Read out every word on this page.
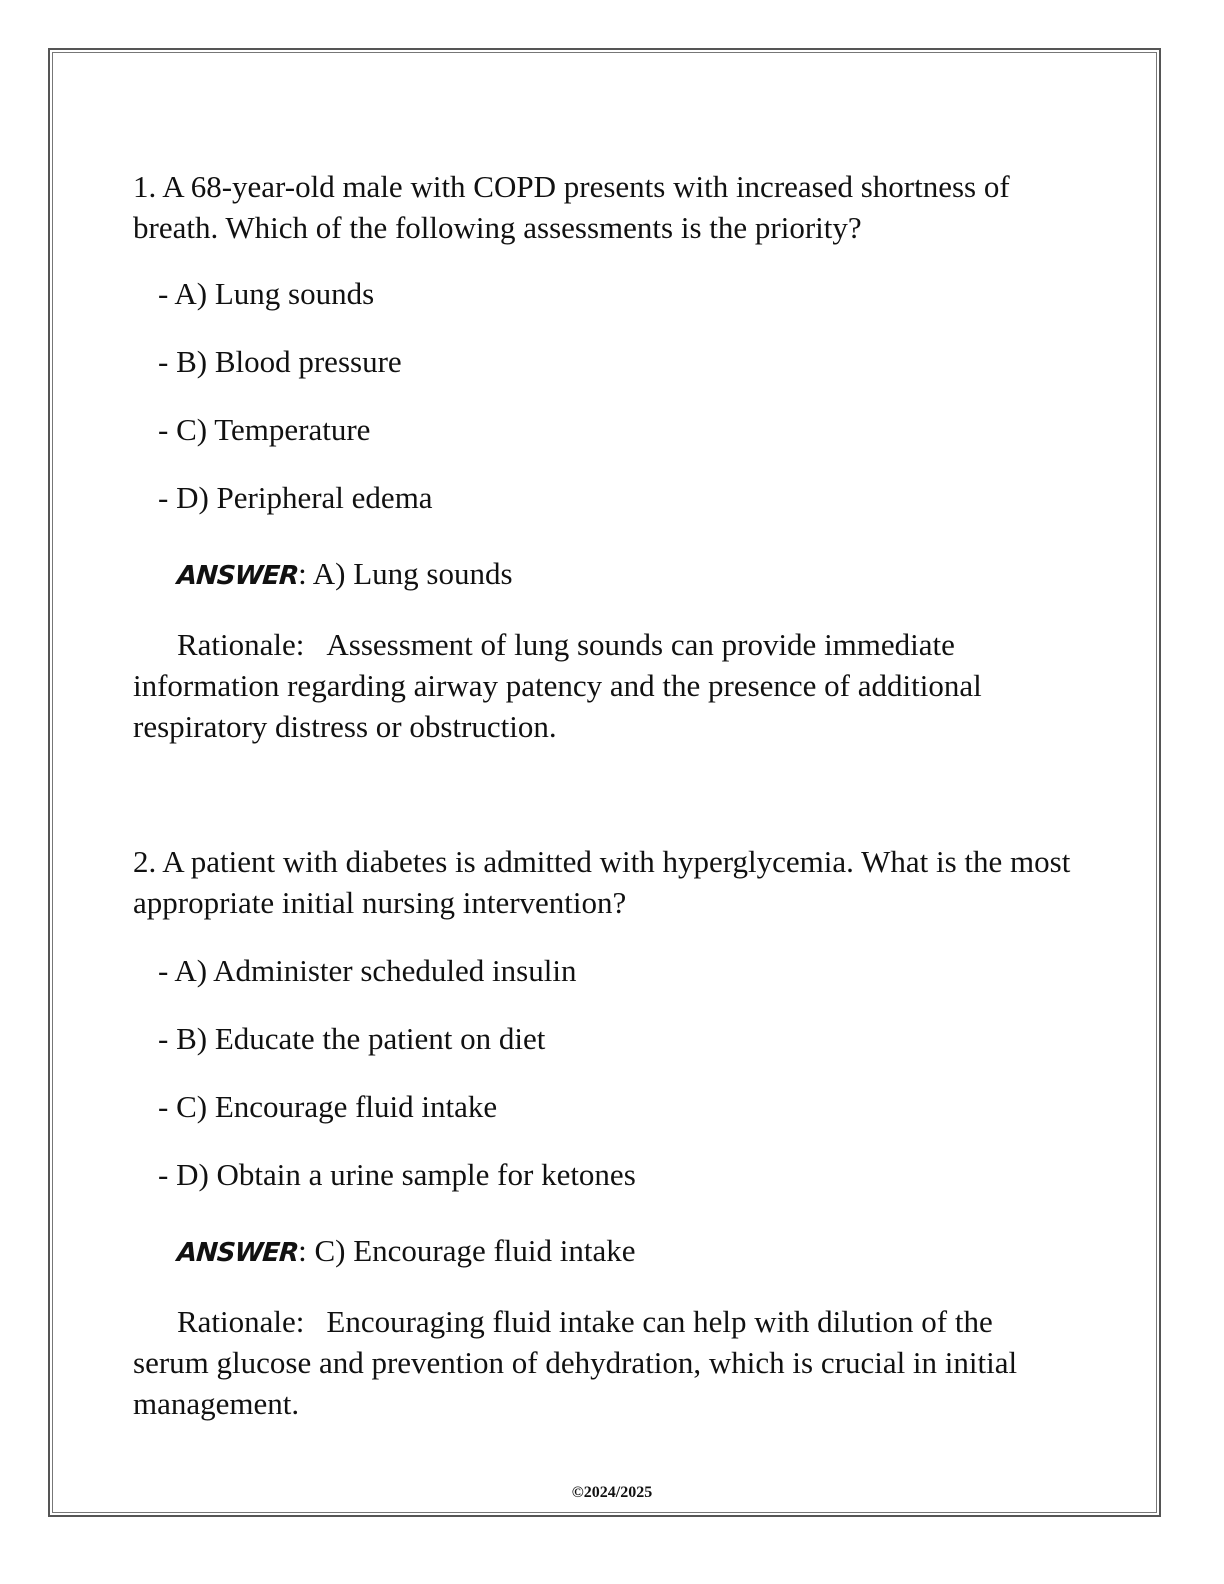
1. A 68-year-old male with COPD presents with increased shortness of breath. Which of the following assessments is the priority?

- A) Lung sounds

- B) Blood pressure

- C) Temperature

- D) Peripheral edema

ANSWER: A) Lung sounds

Rationale: Assessment of lung sounds can provide immediate information regarding airway patency and the presence of additional respiratory distress or obstruction.

2. A patient with diabetes is admitted with hyperglycemia. What is the most appropriate initial nursing intervention?

- A) Administer scheduled insulin

- B) Educate the patient on diet

- C) Encourage fluid intake

- D) Obtain a urine sample for ketones

ANSWER: C) Encourage fluid intake

Rationale: Encouraging fluid intake can help with dilution of the serum glucose and prevention of dehydration, which is crucial in initial management.

©2024/2025
